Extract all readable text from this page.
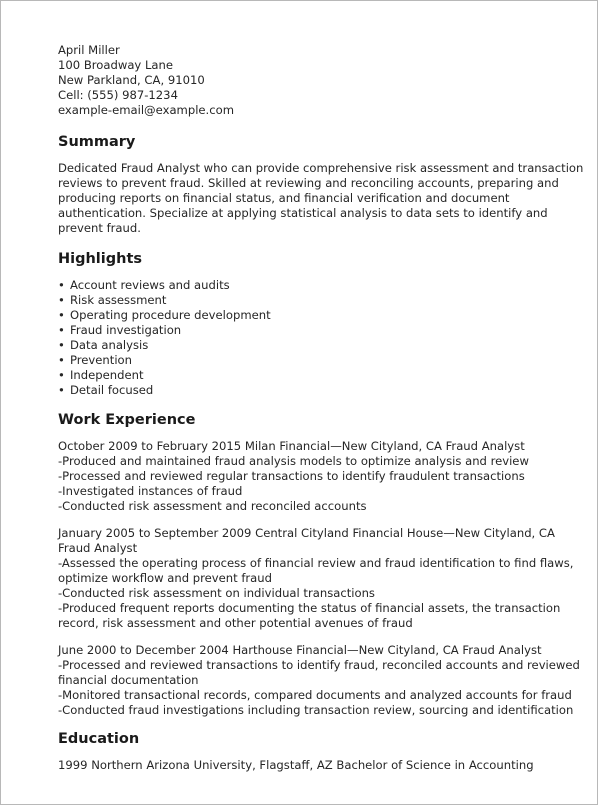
April Miller
100 Broadway Lane
New Parkland, CA, 91010
Cell: (555) 987-1234
example-email@example.com
Summary
Dedicated Fraud Analyst who can provide comprehensive risk assessment and transaction reviews to prevent fraud. Skilled at reviewing and reconciling accounts, preparing and producing reports on financial status, and financial verification and document authentication. Specialize at applying statistical analysis to data sets to identify and prevent fraud.
Highlights
• Account reviews and audits
• Risk assessment
• Operating procedure development
• Fraud investigation
• Data analysis
• Prevention
• Independent
• Detail focused
Work Experience
October 2009 to February 2015 Milan Financial—New Cityland, CA Fraud Analyst
-Produced and maintained fraud analysis models to optimize analysis and review
-Processed and reviewed regular transactions to identify fraudulent transactions
-Investigated instances of fraud
-Conducted risk assessment and reconciled accounts
January 2005 to September 2009 Central Cityland Financial House—New Cityland, CA Fraud Analyst
-Assessed the operating process of financial review and fraud identification to find flaws, optimize workflow and prevent fraud
-Conducted risk assessment on individual transactions
-Produced frequent reports documenting the status of financial assets, the transaction record, risk assessment and other potential avenues of fraud
June 2000 to December 2004 Harthouse Financial—New Cityland, CA Fraud Analyst
-Processed and reviewed transactions to identify fraud, reconciled accounts and reviewed financial documentation
-Monitored transactional records, compared documents and analyzed accounts for fraud
-Conducted fraud investigations including transaction review, sourcing and identification
Education
1999 Northern Arizona University, Flagstaff, AZ Bachelor of Science in Accounting
